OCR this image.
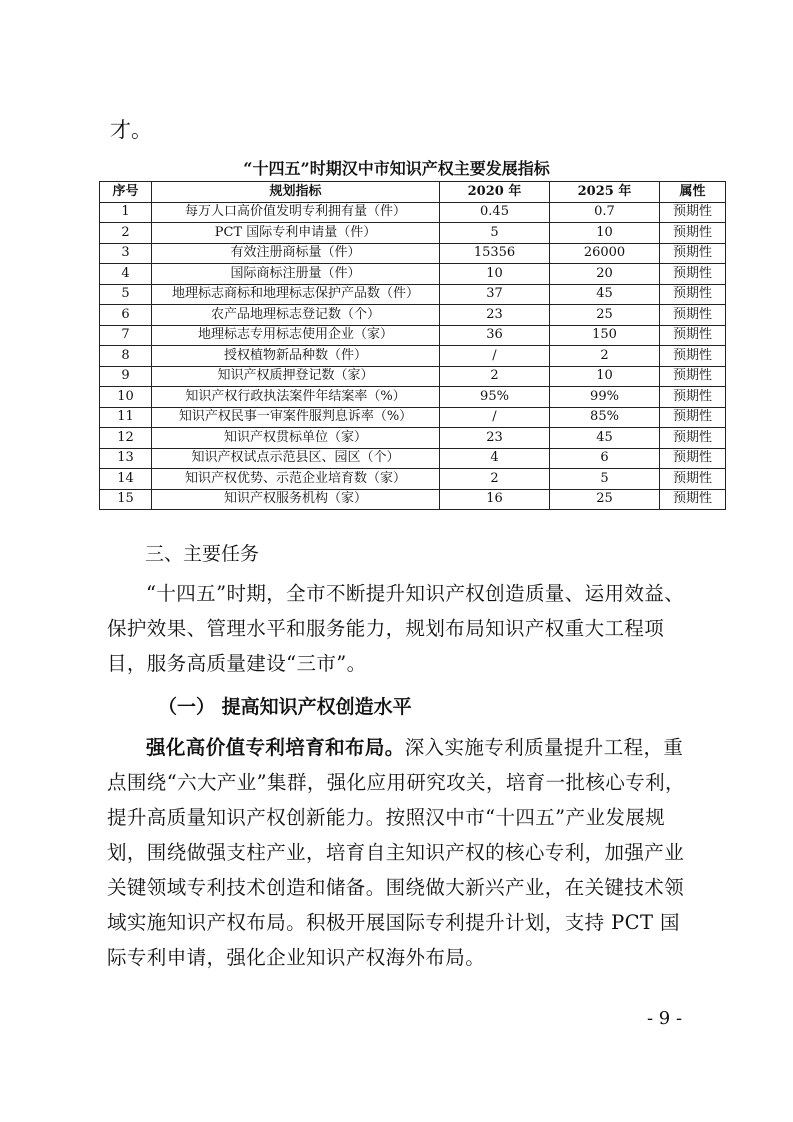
才。
“十四五”时期汉中市知识产权主要发展指标
序号	规划指标	2020 年	2025 年	属性
1	每万人口高价值发明专利拥有量（件）	0.45	0.7	预期性
2	PCT 国际专利申请量（件）	5	10	预期性
3	有效注册商标量（件）	15356	26000	预期性
4	国际商标注册量（件）	10	20	预期性
5	地理标志商标和地理标志保护产品数（件）	37	45	预期性
6	农产品地理标志登记数（个）	23	25	预期性
7	地理标志专用标志使用企业（家）	36	150	预期性
8	授权植物新品种数（件）	/	2	预期性
9	知识产权质押登记数（家）	2	10	预期性
10	知识产权行政执法案件年结案率（%）	95%	99%	预期性
11	知识产权民事一审案件服判息诉率（%）	/	85%	预期性
12	知识产权贯标单位（家）	23	45	预期性
13	知识产权试点示范县区、园区（个）	4	6	预期性
14	知识产权优势、示范企业培育数（家）	2	5	预期性
15	知识产权服务机构（家）	16	25	预期性
三、主要任务
“十四五”时期，全市不断提升知识产权创造质量、运用效益、保护效果、管理水平和服务能力，规划布局知识产权重大工程项目，服务高质量建设“三市”。
（一） 提高知识产权创造水平
强化高价值专利培育和布局。深入实施专利质量提升工程，重点围绕“六大产业”集群，强化应用研究攻关，培育一批核心专利，提升高质量知识产权创新能力。按照汉中市“十四五”产业发展规划，围绕做强支柱产业，培育自主知识产权的核心专利，加强产业关键领域专利技术创造和储备。围绕做大新兴产业，在关键技术领域实施知识产权布局。积极开展国际专利提升计划，支持 PCT 国际专利申请，强化企业知识产权海外布局。
- 9 -
